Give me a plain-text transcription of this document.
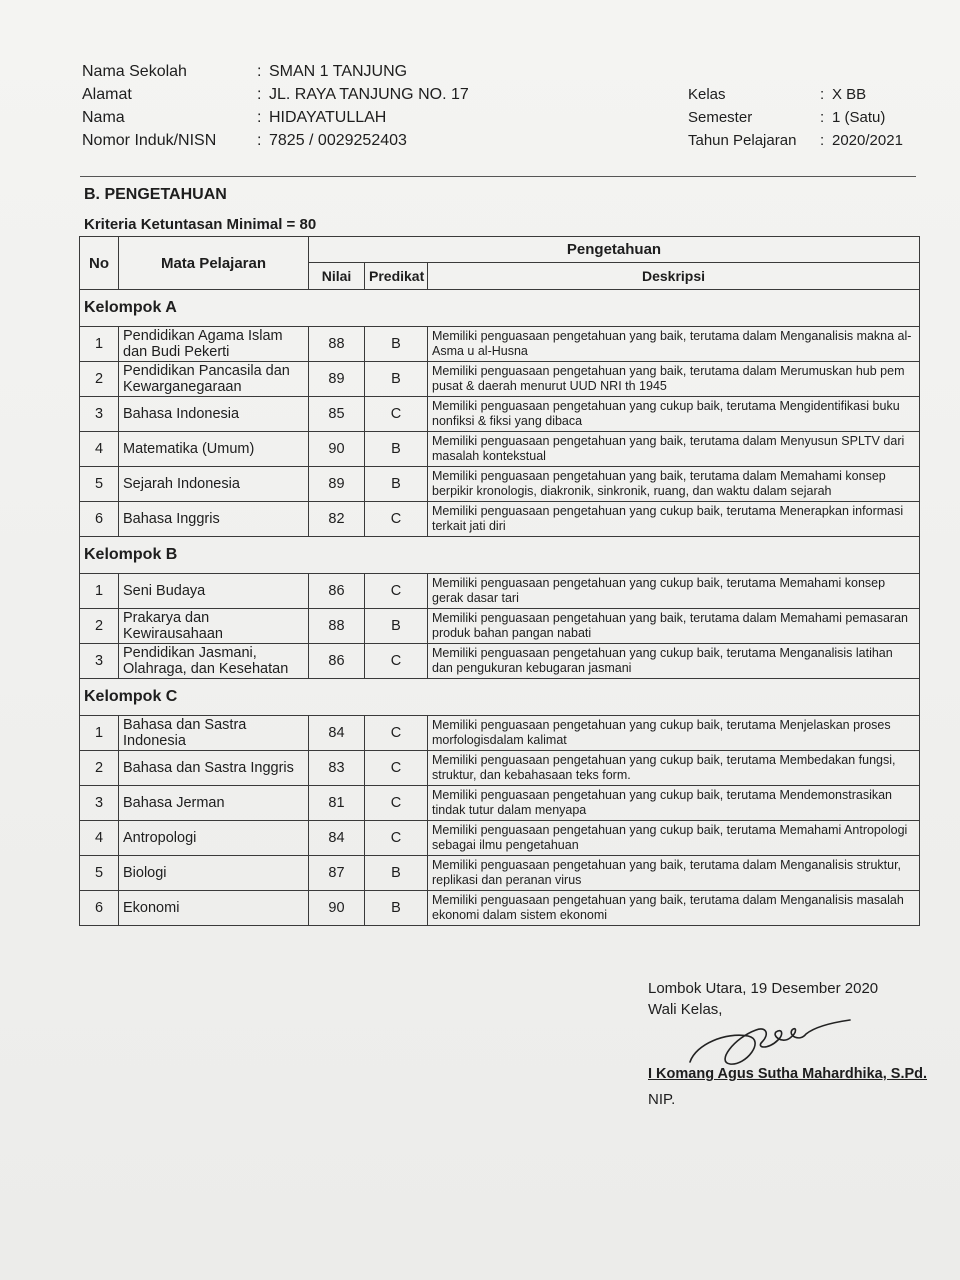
Nama Sekolah	: SMAN 1 TANJUNG
Alamat	: JL. RAYA TANJUNG NO. 17
Nama	: HIDAYATULLAH
Nomor Induk/NISN	: 7825 / 0029252403
Kelas	: X BB
Semester	: 1 (Satu)
Tahun Pelajaran	: 2020/2021
B. PENGETAHUAN
Kriteria Ketuntasan Minimal = 80
No	Mata Pelajaran	Pengetahuan		
		Nilai	Predikat	Deskripsi
Kelompok A				
1	Pendidikan Agama Islam dan Budi Pekerti	88	B	Memiliki penguasaan pengetahuan yang baik, terutama dalam Menganalisis makna al-Asma u al-Husna
2	Pendidikan Pancasila dan Kewarganegaraan	89	B	Memiliki penguasaan pengetahuan yang baik, terutama dalam Merumuskan hub pem pusat & daerah menurut UUD NRI th 1945
3	Bahasa Indonesia	85	C	Memiliki penguasaan pengetahuan yang cukup baik, terutama Mengidentifikasi buku nonfiksi & fiksi yang dibaca
4	Matematika (Umum)	90	B	Memiliki penguasaan pengetahuan yang baik, terutama dalam Menyusun SPLTV dari masalah kontekstual
5	Sejarah Indonesia	89	B	Memiliki penguasaan pengetahuan yang baik, terutama dalam Memahami konsep berpikir kronologis, diakronik, sinkronik, ruang, dan waktu dalam sejarah
6	Bahasa Inggris	82	C	Memiliki penguasaan pengetahuan yang cukup baik, terutama Menerapkan informasi terkait jati diri
Kelompok B				
1	Seni Budaya	86	C	Memiliki penguasaan pengetahuan yang cukup baik, terutama Memahami konsep gerak dasar tari
2	Prakarya dan Kewirausahaan	88	B	Memiliki penguasaan pengetahuan yang baik, terutama dalam Memahami pemasaran produk bahan pangan nabati
3	Pendidikan Jasmani, Olahraga, dan Kesehatan	86	C	Memiliki penguasaan pengetahuan yang cukup baik, terutama Menganalisis latihan dan pengukuran kebugaran jasmani
Kelompok C				
1	Bahasa dan Sastra Indonesia	84	C	Memiliki penguasaan pengetahuan yang cukup baik, terutama Menjelaskan proses morfologisdalam kalimat
2	Bahasa dan Sastra Inggris	83	C	Memiliki penguasaan pengetahuan yang cukup baik, terutama Membedakan fungsi, struktur, dan kebahasaan teks form.
3	Bahasa Jerman	81	C	Memiliki penguasaan pengetahuan yang cukup baik, terutama Mendemonstrasikan tindak tutur dalam menyapa
4	Antropologi	84	C	Memiliki penguasaan pengetahuan yang cukup baik, terutama Memahami Antropologi sebagai ilmu pengetahuan
5	Biologi	87	B	Memiliki penguasaan pengetahuan yang baik, terutama dalam Menganalisis struktur, replikasi dan peranan virus
6	Ekonomi	90	B	Memiliki penguasaan pengetahuan yang baik, terutama dalam Menganalisis masalah ekonomi dalam sistem ekonomi
Lombok Utara, 19 Desember 2020
Wali Kelas,
I Komang Agus Sutha Mahardhika, S.Pd.
NIP.
